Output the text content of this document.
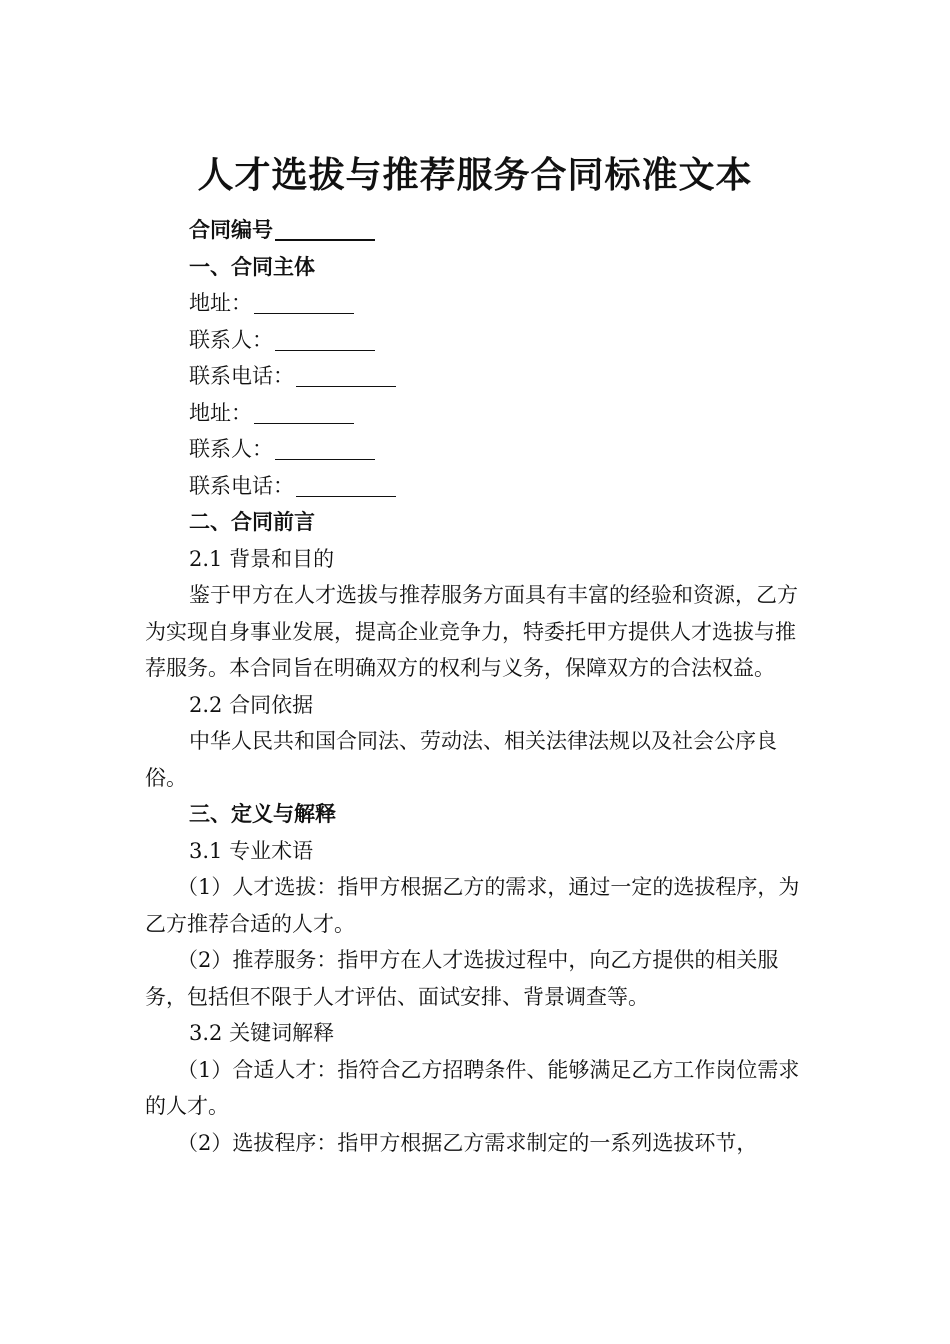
人才选拔与推荐服务合同标准文本

合同编号

一、合同主体

地址：

联系人：

联系电话：

地址：

联系人：

联系电话：

二、合同前言

2.1 背景和目的

鉴于甲方在人才选拔与推荐服务方面具有丰富的经验和资源，乙方为实现自身事业发展，提高企业竞争力，特委托甲方提供人才选拔与推荐服务。本合同旨在明确双方的权利与义务，保障双方的合法权益。

2.2 合同依据

中华人民共和国合同法、劳动法、相关法律法规以及社会公序良俗。

三、定义与解释

3.1 专业术语

（1）人才选拔：指甲方根据乙方的需求，通过一定的选拔程序，为乙方推荐合适的人才。

（2）推荐服务：指甲方在人才选拔过程中，向乙方提供的相关服务，包括但不限于人才评估、面试安排、背景调查等。

3.2 关键词解释

（1）合适人才：指符合乙方招聘条件、能够满足乙方工作岗位需求的人才。

（2）选拔程序：指甲方根据乙方需求制定的一系列选拔环节，
